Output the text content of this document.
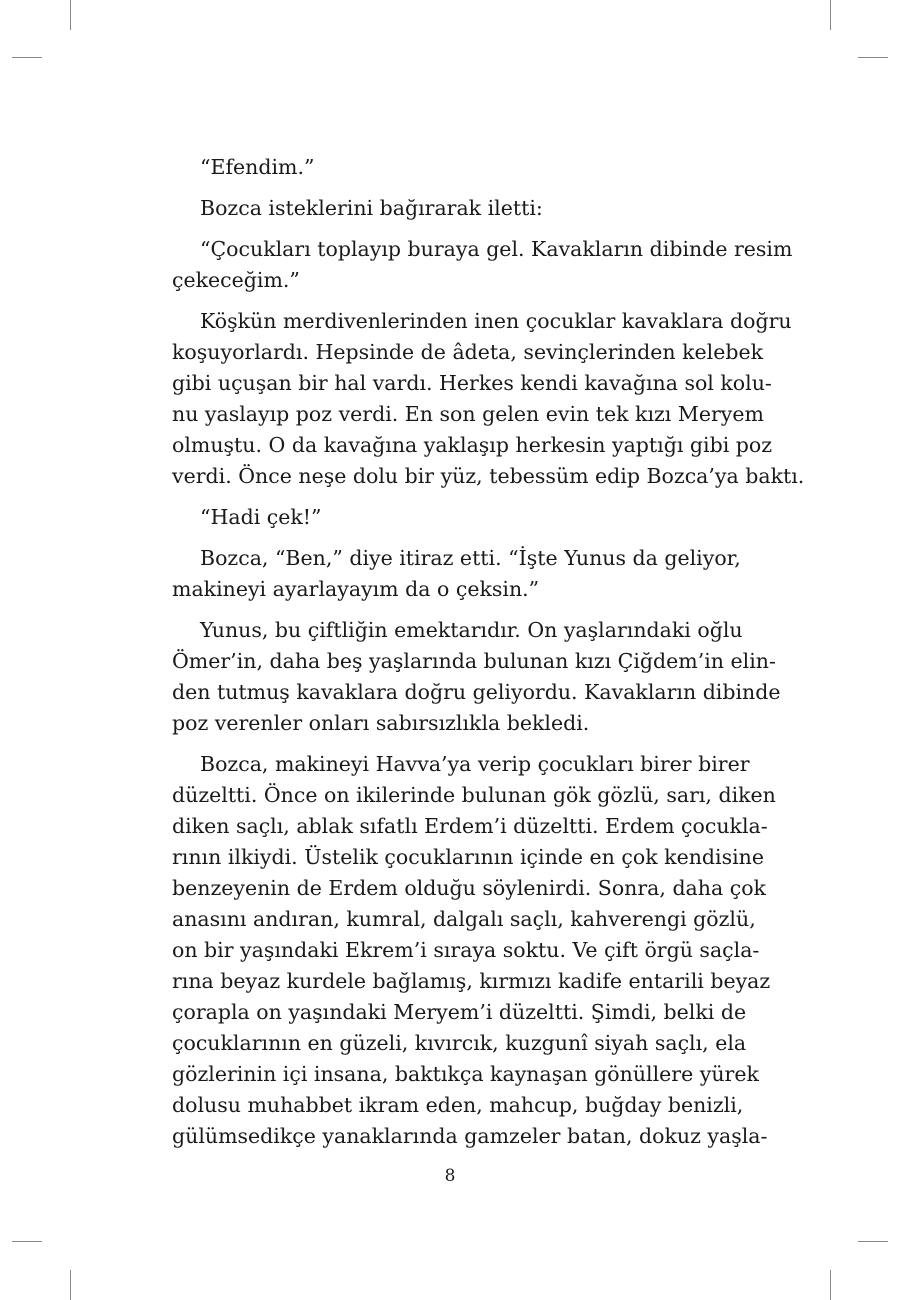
“Efendim.”
Bozca isteklerini bağırarak iletti:
“Çocukları toplayıp buraya gel. Kavakların dibinde resim
çekeceğim.”
Köşkün merdivenlerinden inen çocuklar kavaklara doğru
koşuyorlardı. Hepsinde de âdeta, sevinçlerinden kelebek
gibi uçuşan bir hal vardı. Herkes kendi kavağına sol kolu-
nu yaslayıp poz verdi. En son gelen evin tek kızı Meryem
olmuştu. O da kavağına yaklaşıp herkesin yaptığı gibi poz
verdi. Önce neşe dolu bir yüz, tebessüm edip Bozca’ya baktı.
“Hadi çek!”
Bozca, “Ben,” diye itiraz etti. “İşte Yunus da geliyor,
makineyi ayarlayayım da o çeksin.”
Yunus, bu çiftliğin emektarıdır. On yaşlarındaki oğlu
Ömer’in, daha beş yaşlarında bulunan kızı Çiğdem’in elin-
den tutmuş kavaklara doğru geliyordu. Kavakların dibinde
poz verenler onları sabırsızlıkla bekledi.
Bozca, makineyi Havva’ya verip çocukları birer birer
düzeltti. Önce on ikilerinde bulunan gök gözlü, sarı, diken
diken saçlı, ablak sıfatlı Erdem’i düzeltti. Erdem çocukla-
rının ilkiydi. Üstelik çocuklarının içinde en çok kendisine
benzeyenin de Erdem olduğu söylenirdi. Sonra, daha çok
anasını andıran, kumral, dalgalı saçlı, kahverengi gözlü,
on bir yaşındaki Ekrem’i sıraya soktu. Ve çift örgü saçla-
rına beyaz kurdele bağlamış, kırmızı kadife entarili beyaz
çorapla on yaşındaki Meryem’i düzeltti. Şimdi, belki de
çocuklarının en güzeli, kıvırcık, kuzgunî siyah saçlı, ela
gözlerinin içi insana, baktıkça kaynaşan gönüllere yürek
dolusu muhabbet ikram eden, mahcup, buğday benizli,
gülümsedikçe yanaklarında gamzeler batan, dokuz yaşla-
8
